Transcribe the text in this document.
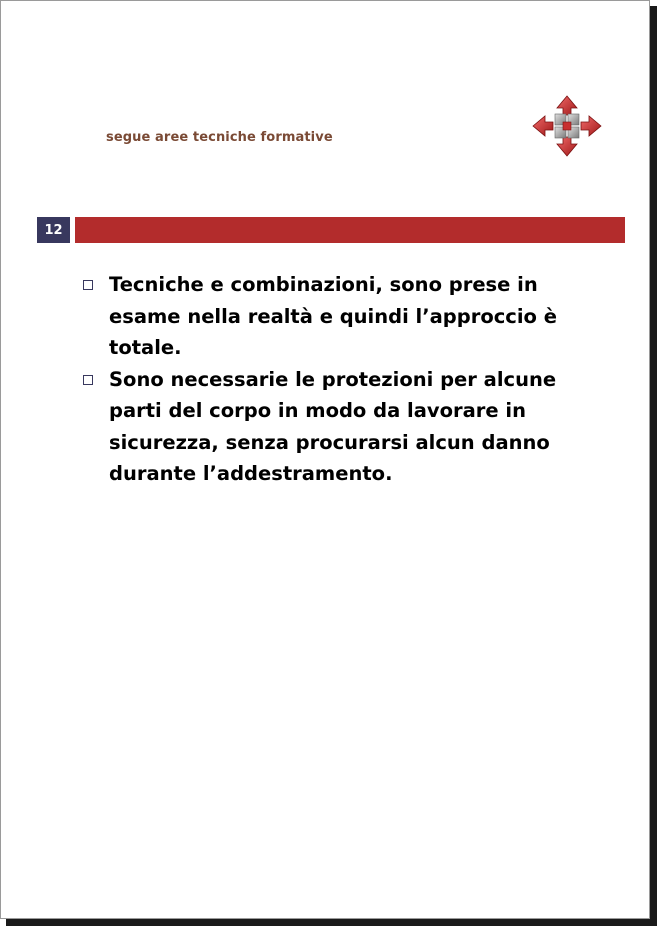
segue aree tecniche formative
12
Tecniche e combinazioni, sono prese in esame nella realtà e quindi l’approccio è totale.
Sono necessarie le protezioni per alcune parti del corpo in modo da lavorare in sicurezza, senza procurarsi alcun danno durante l’addestramento.
